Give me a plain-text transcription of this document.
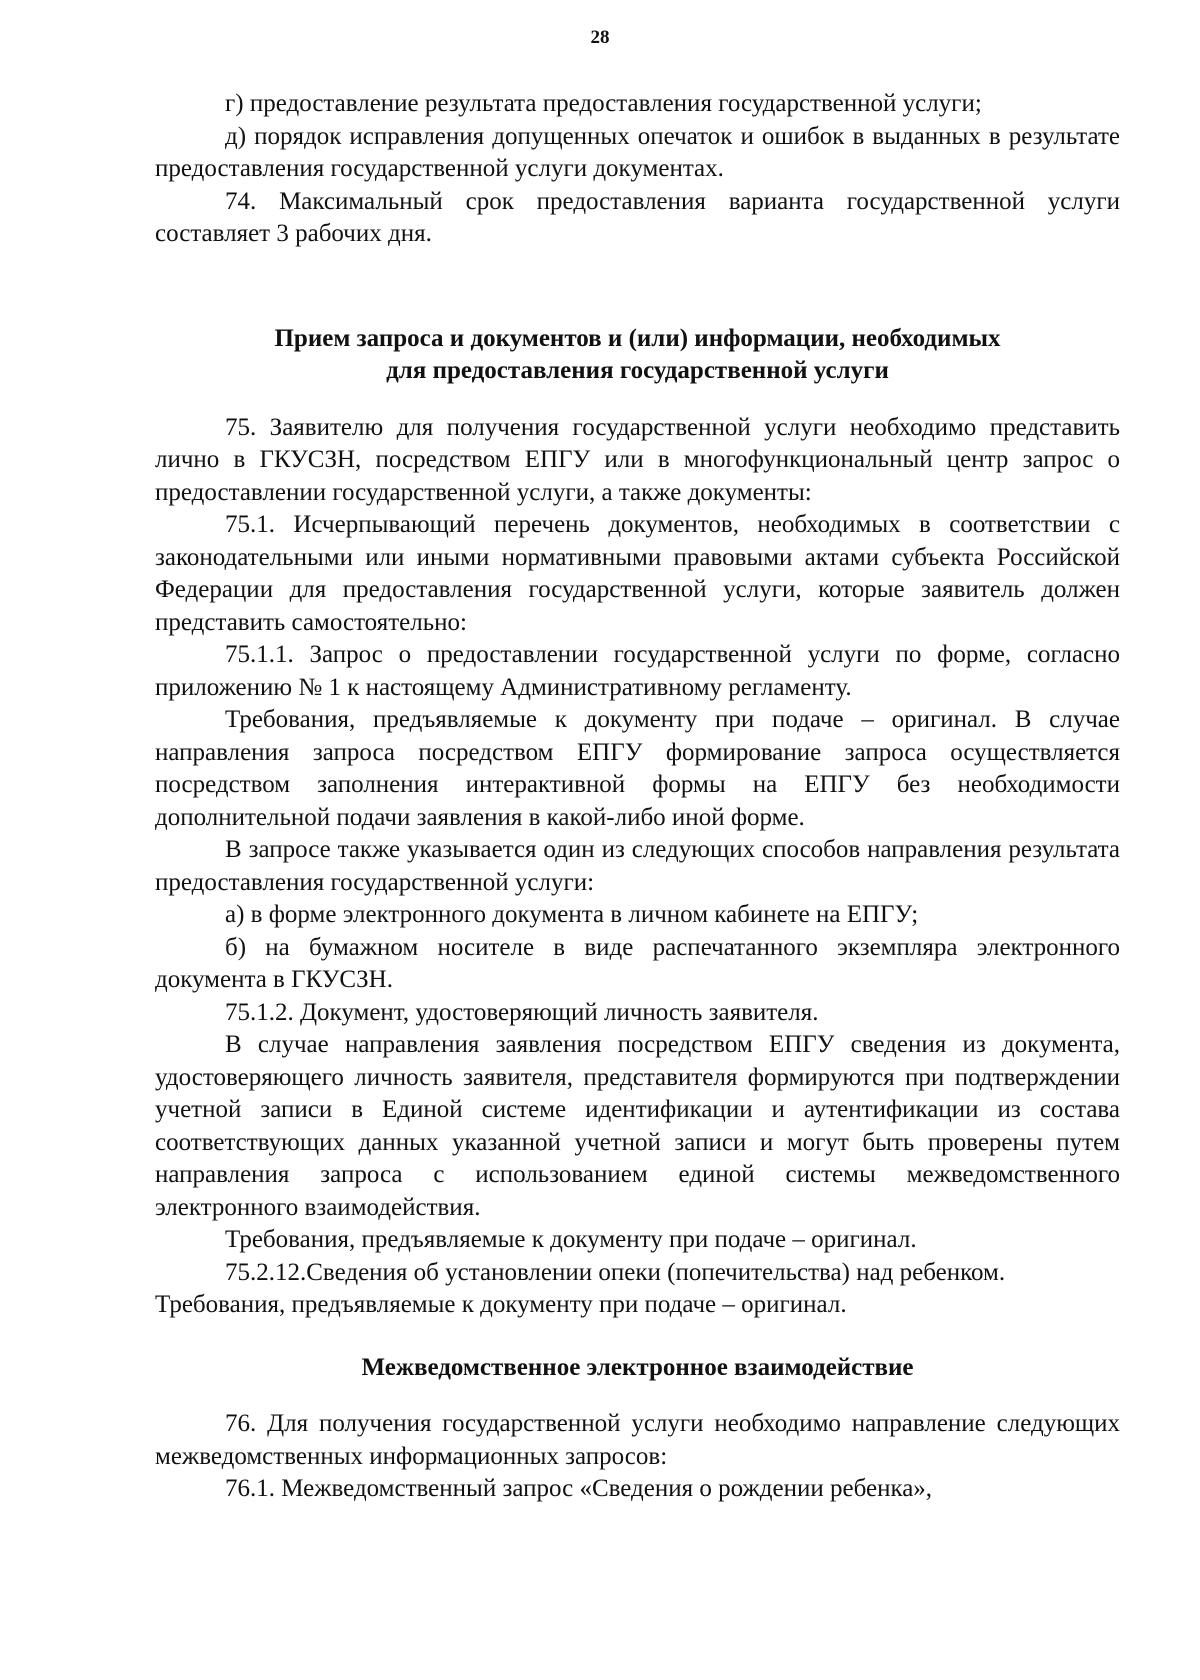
28

г) предоставление результата предоставления государственной услуги;

д) порядок исправления допущенных опечаток и ошибок в выданных в результате предоставления государственной услуги документах.

74. Максимальный срок предоставления варианта государственной услуги составляет 3 рабочих дня.

Прием запроса и документов и (или) информации, необходимых
для предоставления государственной услуги

75. Заявителю для получения государственной услуги необходимо представить лично в ГКУСЗН, посредством ЕПГУ или в многофункциональный центр запрос о предоставлении государственной услуги, а также документы:

75.1. Исчерпывающий перечень документов, необходимых в соответствии с законодательными или иными нормативными правовыми актами субъекта Российской Федерации для предоставления государственной услуги, которые заявитель должен представить самостоятельно:

75.1.1. Запрос о предоставлении государственной услуги по форме, согласно приложению № 1 к настоящему Административному регламенту.

Требования, предъявляемые к документу при подаче – оригинал. В случае направления запроса посредством ЕПГУ формирование запроса осуществляется посредством заполнения интерактивной формы на ЕПГУ без необходимости дополнительной подачи заявления в какой-либо иной форме.

В запросе также указывается один из следующих способов направления результата предоставления государственной услуги:

а) в форме электронного документа в личном кабинете на ЕПГУ;

б) на бумажном носителе в виде распечатанного экземпляра электронного документа в ГКУСЗН.

75.1.2. Документ, удостоверяющий личность заявителя.

В случае направления заявления посредством ЕПГУ сведения из документа, удостоверяющего личность заявителя, представителя формируются при подтверждении учетной записи в Единой системе идентификации и аутентификации из состава соответствующих данных указанной учетной записи и могут быть проверены путем направления запроса с использованием единой системы межведомственного электронного взаимодействия.

Требования, предъявляемые к документу при подаче – оригинал.

75.2.12.Сведения об установлении опеки (попечительства) над ребенком.

Требования, предъявляемые к документу при подаче – оригинал.

Межведомственное электронное взаимодействие

76. Для получения государственной услуги необходимо направление следующих межведомственных информационных запросов:

76.1. Межведомственный запрос «Сведения о рождении ребенка»,
